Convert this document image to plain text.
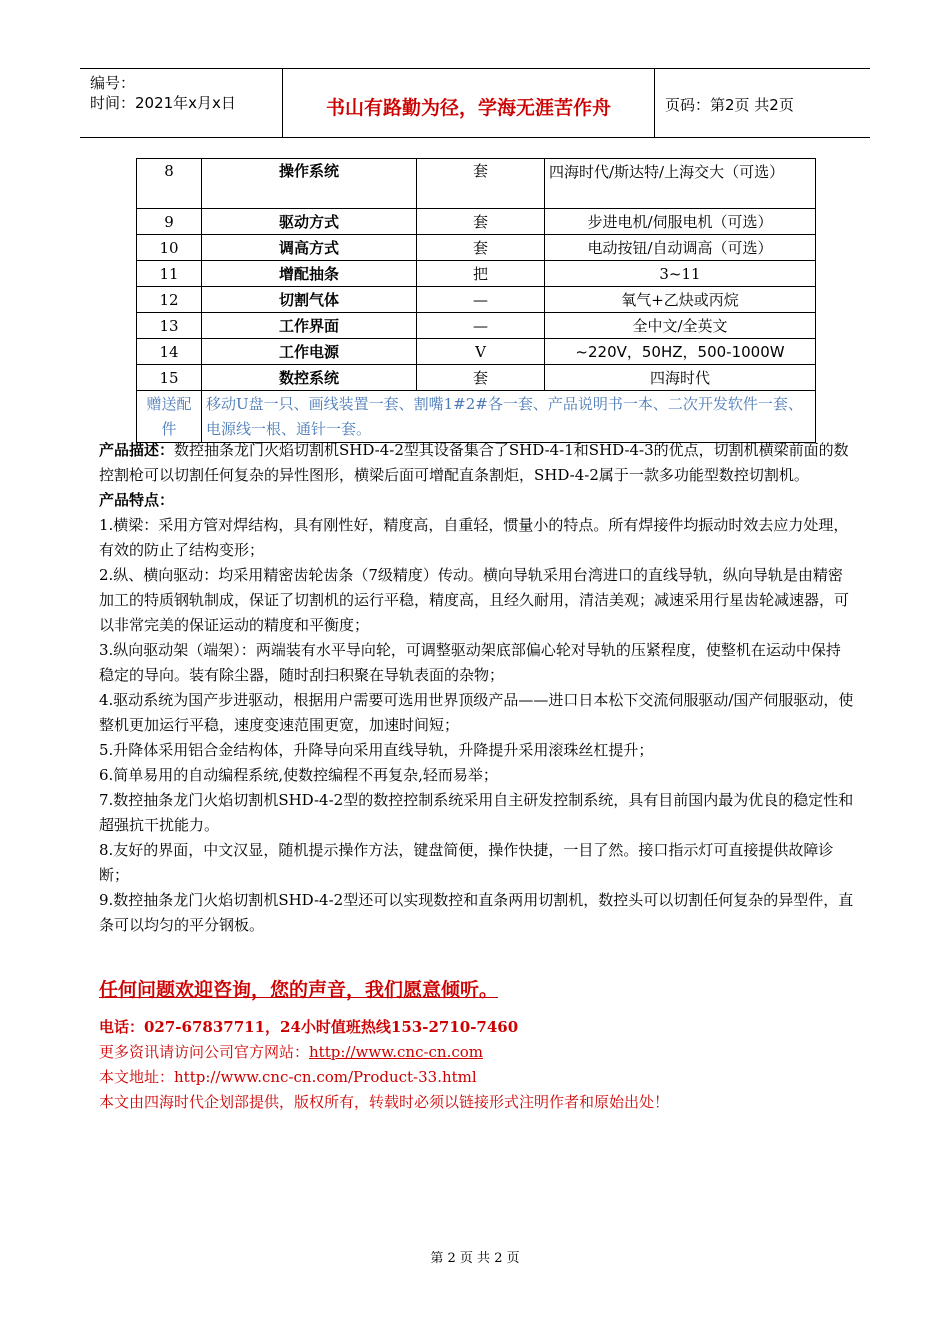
编号：
时间：2021年x月x日	书山有路勤为径，学海无涯苦作舟	页码：第2页 共2页
8	操作系统	套	四海时代/斯达特/上海交大（可选）
9	驱动方式	套	步进电机/伺服电机（可选）
10	调高方式	套	电动按钮/自动调高（可选）
11	增配抽条	把	3~11
12	切割气体	—	氧气+乙炔或丙烷
13	工作界面	—	全中文/全英文
14	工作电源	V	~220V，50HZ，500-1000W
15	数控系统	套	四海时代
赠送配件	移动U盘一只、画线装置一套、割嘴1#2#各一套、产品说明书一本、二次开发软件一套、电源线一根、通针一套。		

产品描述：数控抽条龙门火焰切割机SHD-4-2型其设备集合了SHD-4-1和SHD-4-3的优点，切割机横梁前面的数控割枪可以切割任何复杂的异性图形，横梁后面可增配直条割炬，SHD-4-2属于一款多功能型数控切割机。

产品特点：

1.横梁：采用方管对焊结构，具有刚性好，精度高，自重轻，惯量小的特点。所有焊接件均振动时效去应力处理，有效的防止了结构变形；

2.纵、横向驱动：均采用精密齿轮齿条（7级精度）传动。横向导轨采用台湾进口的直线导轨，纵向导轨是由精密加工的特质钢轨制成，保证了切割机的运行平稳，精度高，且经久耐用，清洁美观；减速采用行星齿轮减速器，可以非常完美的保证运动的精度和平衡度；

3.纵向驱动架（端架）：两端装有水平导向轮，可调整驱动架底部偏心轮对导轨的压紧程度，使整机在运动中保持稳定的导向。装有除尘器，随时刮扫积聚在导轨表面的杂物；

4.驱动系统为国产步进驱动，根据用户需要可选用世界顶级产品——进口日本松下交流伺服驱动/国产伺服驱动，使整机更加运行平稳，速度变速范围更宽，加速时间短；

5.升降体采用铝合金结构体，升降导向采用直线导轨，升降提升采用滚珠丝杠提升；

6.简单易用的自动编程系统,使数控编程不再复杂,轻而易举；

7.数控抽条龙门火焰切割机SHD-4-2型的数控控制系统采用自主研发控制系统，具有目前国内最为优良的稳定性和超强抗干扰能力。

8.友好的界面，中文汉显，随机提示操作方法，键盘简便，操作快捷，一目了然。接口指示灯可直接提供故障诊断；

9.数控抽条龙门火焰切割机SHD-4-2型还可以实现数控和直条两用切割机，数控头可以切割任何复杂的异型件，直条可以均匀的平分钢板。

任何问题欢迎咨询，您的声音，我们愿意倾听。

电话：027-67837711，24小时值班热线153-2710-7460

更多资讯请访问公司官方网站：http://www.cnc-cn.com

本文地址：http://www.cnc-cn.com/Product-33.html

本文由四海时代企划部提供，版权所有，转载时必须以链接形式注明作者和原始出处！

第 2 页 共 2 页
